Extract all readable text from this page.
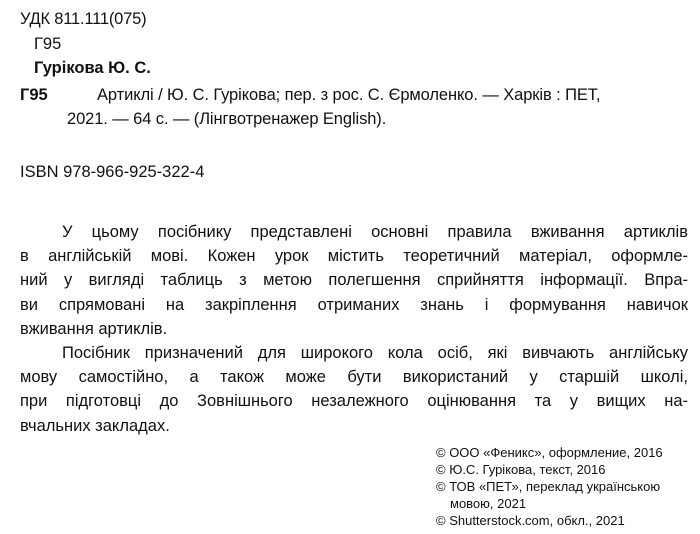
УДК 811.111(075)
Г95
Гурікова Ю. С.
Г95	Артиклі / Ю. С. Гурікова; пер. з рос. С. Єрмоленко. — Харків : ПЕТ,
2021. — 64 с. — (Лінгвотренажер English).
ISBN 978-966-925-322-4
У цьому посібнику представлені основні правила вживання артиклів
в англійській мові. Кожен урок містить теоретичний матеріал, оформле-
ний у вигляді таблиць з метою полегшення сприйняття інформації. Впра-
ви спрямовані на закріплення отриманих знань і формування навичок
вживання артиклів.
Посібник призначений для широкого кола осіб, які вивчають англійську
мову самостійно, а також може бути використаний у старшій школі,
при підготовці до Зовнішнього незалежного оцінювання та у вищих на-
вчальних закладах.
© ООО «Феникс», оформление, 2016
© Ю.С. Гурікова, текст, 2016
© ТОВ «ПЕТ», переклад українською
мовою, 2021
© Shutterstock.com, обкл., 2021
